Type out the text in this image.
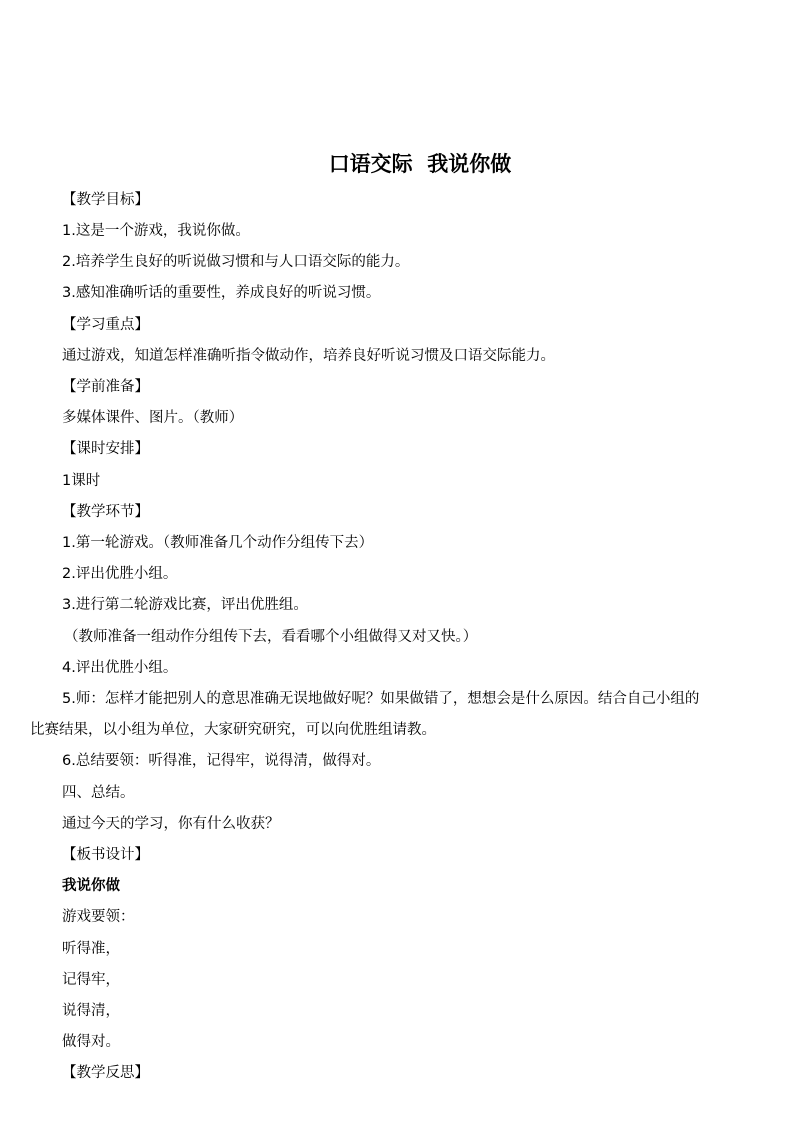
口语交际  我说你做
【教学目标】
1.这是一个游戏，我说你做。
2.培养学生良好的听说做习惯和与人口语交际的能力。
3.感知准确听话的重要性，养成良好的听说习惯。
【学习重点】
通过游戏，知道怎样准确听指令做动作，培养良好听说习惯及口语交际能力。
【学前准备】
多媒体课件、图片。（教师）
【课时安排】
1课时
【教学环节】
1.第一轮游戏。（教师准备几个动作分组传下去）
2.评出优胜小组。
3.进行第二轮游戏比赛，评出优胜组。
（教师准备一组动作分组传下去，看看哪个小组做得又对又快。）
4.评出优胜小组。
5.师：怎样才能把别人的意思准确无误地做好呢？如果做错了，想想会是什么原因。结合自己小组的
比赛结果，以小组为单位，大家研究研究，可以向优胜组请教。
6.总结要领：听得准，记得牢，说得清，做得对。
四、总结。
通过今天的学习，你有什么收获？
【板书设计】
我说你做
游戏要领：
听得准，
记得牢，
说得清，
做得对。
【教学反思】
